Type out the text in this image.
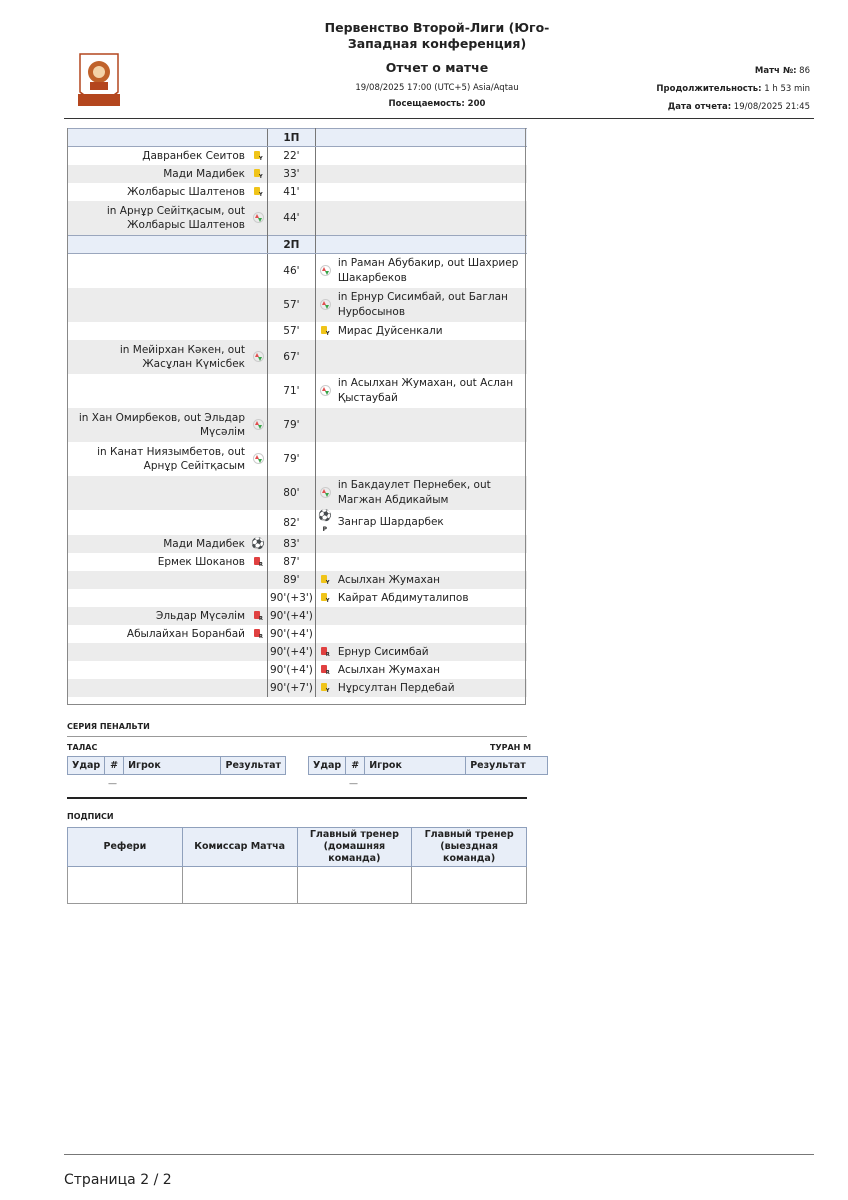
Первенство Второй-Лиги (Юго-Западная конференция)
Отчет о матче
19/08/2025 17:00 (UTC+5) Asia/Aqtau
Посещаемость: 200
Матч №: 86
Продолжительность: 1 h 53 min
Дата отчета: 19/08/2025 21:45
		1П		
Давранбек Сеитов	Y	22'		
Мади Мадибек	Y	33'		
Жолбарыс Шалтенов	Y	41'		
in Арнұр Сейітқасым, out Жолбарыс Шалтенов		44'		
		2П		
		46'		in Раман Абубакир, out Шахриер Шакарбеков
		57'		in Ернур Сисимбай, out Баглан Нурбосынов
		57'	Y	Мирас Дуйсенкали
in Мейірхан Кәкен, out Жасұлан Күмісбек		67'		
		71'		in Асылхан Жумахан, out Аслан Қыстаубай
in Хан Омирбеков, out Эльдар Мүсәлім		79'		
in Канат Ниязымбетов, out Арнұр Сейітқасым		79'		
		80'		in Бакдаулет Пернебек, out Магжан Абдикайым
		82'	⚽P	Зангар Шардарбек
Мади Мадибек	⚽	83'		
Ермек Шоканов	R	87'		
		89'	Y	Асылхан Жумахан
		90'(+3')	Y	Кайрат Абдимуталипов
Эльдар Мүсәлім	R	90'(+4')		
Абылайхан Боранбай	R	90'(+4')		
		90'(+4')	R	Ернур Сисимбай
		90'(+4')	R	Асылхан Жумахан
		90'(+7')	Y	Нұрсултан Пердебай
СЕРИЯ ПЕНАЛЬТИ
ТАЛАС	ТУРАН М
Удар	#	Игрок	Результат	Удар	#	Игрок	Результат
—	—
ПОДПИСИ
Рефери	Комиссар Матча	Главный тренер (домашняя команда)	Главный тренер (выездная команда)

Страница 2 / 2
